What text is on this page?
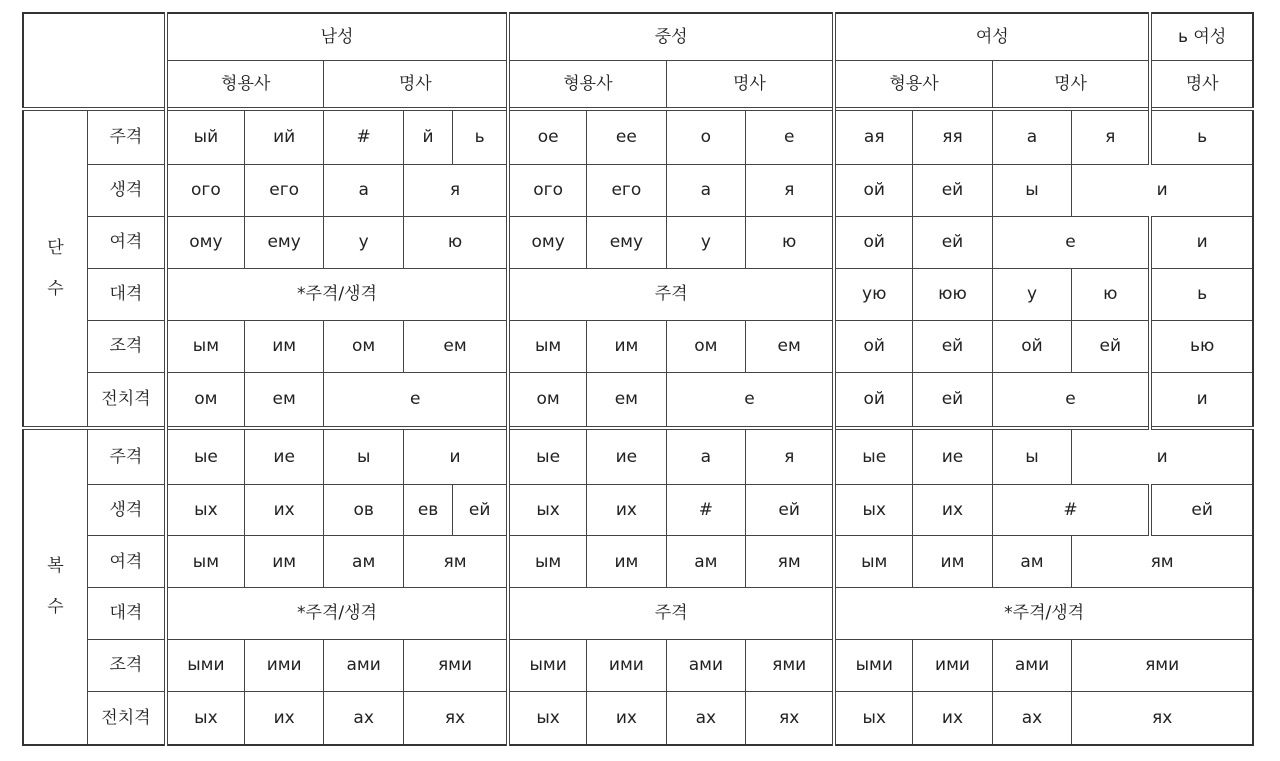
		남성					중성				여성				ь 여성
		형용사		명사			형용사		명사		형용사		명사		명사

단
수	주격	ый	ий	#	й	ь	ое	ее	о	е	ая	яя	а	я	ь
	생격	ого	его	а	я		ого	его	а	я	ой	ей	ы	и	
	여격	ому	ему	у	ю		ому	ему	у	ю	ой	ей	е		и
	대격	*주격/생격					주격				ую	юю	у	ю	ь
	조격	ым	им	ом	ем		ым	им	ом	ем	ой	ей	ой	ей	ью
	전치격	ом	ем	е			ом	ем	е		ой	ей	е		и

복
수	주격	ые	ие	ы	и		ые	ие	а	я	ые	ие	ы	и	
	생격	ых	их	ов	ев	ей	ых	их	#	ей	ых	их	#		ей
	여격	ым	им	ам	ям		ым	им	ам	ям	ым	им	ам	ям	
	대격	*주격/생격					주격				*주격/생격				
	조격	ыми	ими	ами	ями		ыми	ими	ами	ями	ыми	ими	ами	ями	
	전치격	ых	их	ах	ях		ых	их	ах	ях	ых	их	ах	ях	
